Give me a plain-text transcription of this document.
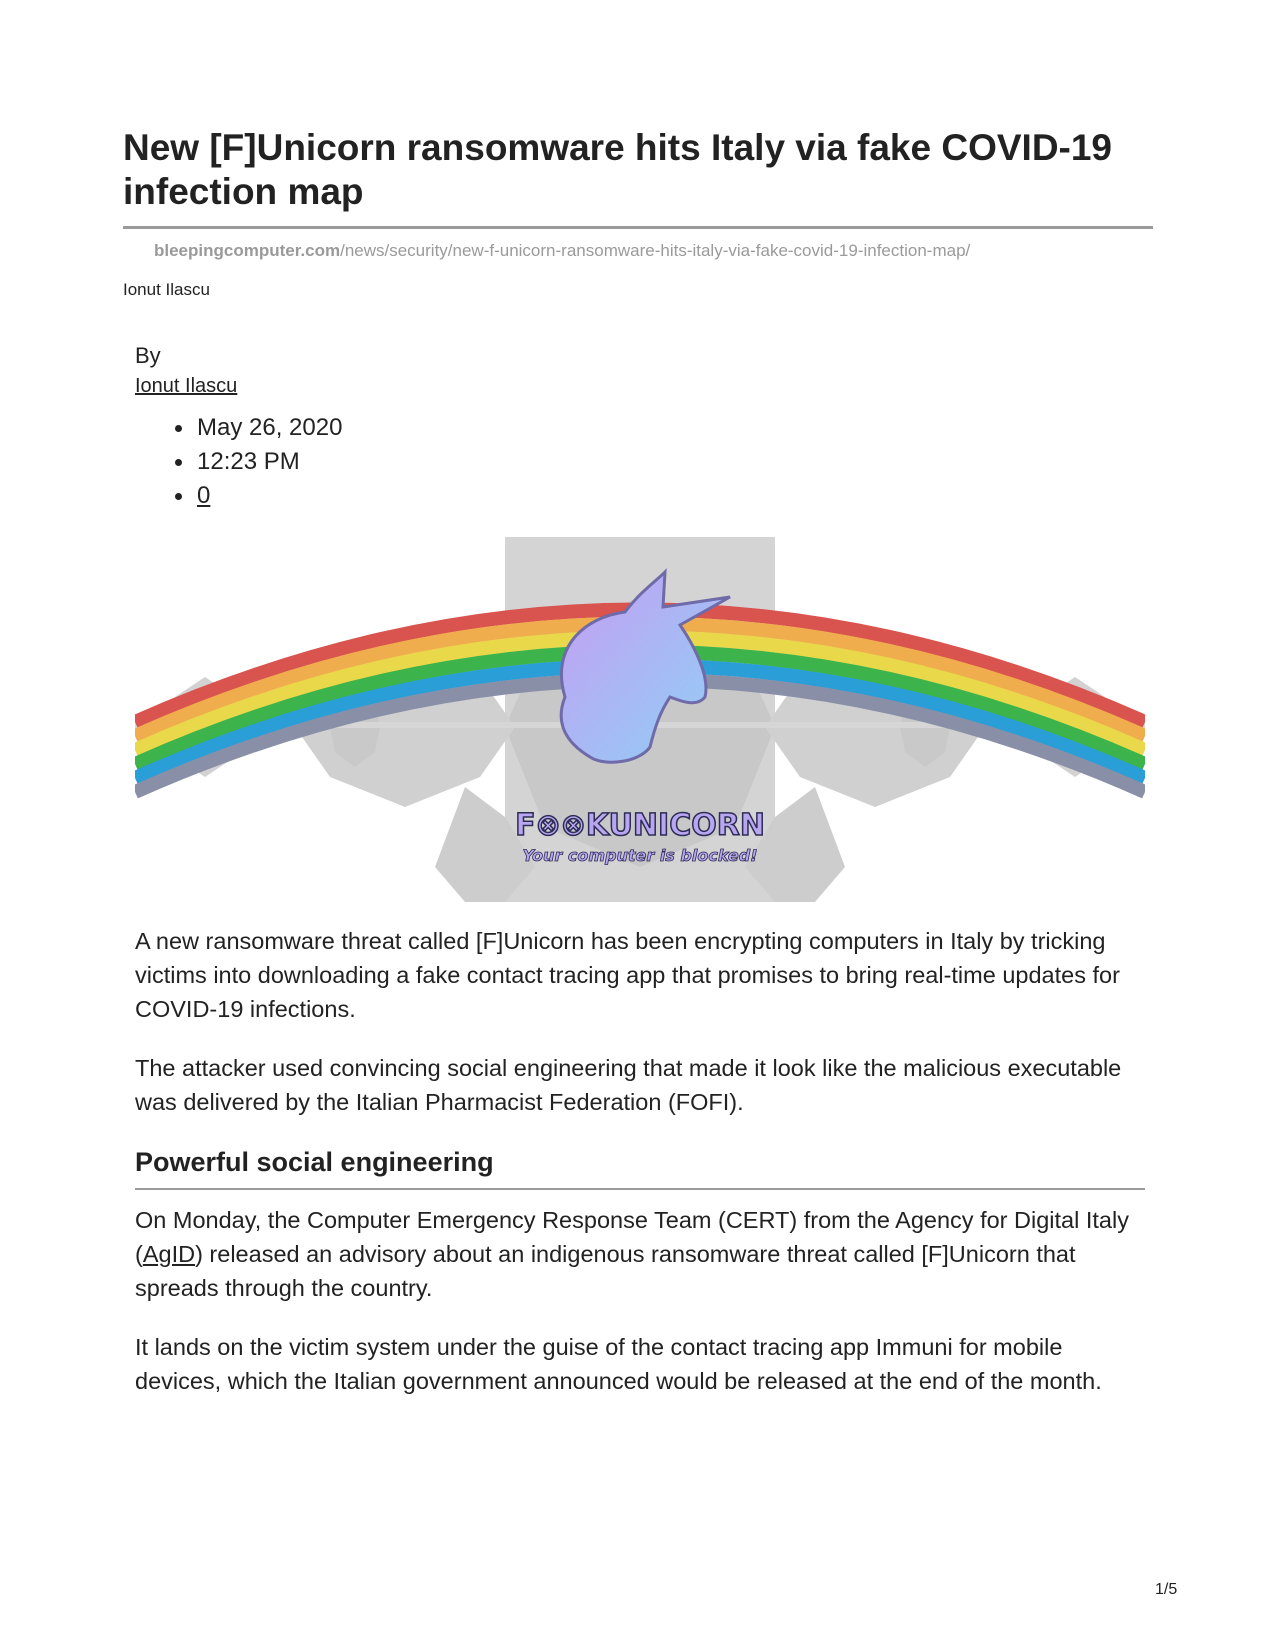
New [F]Unicorn ransomware hits Italy via fake COVID-19 infection map
bleepingcomputer.com/news/security/new-f-unicorn-ransomware-hits-italy-via-fake-covid-19-infection-map/
Ionut Ilascu
By
Ionut Ilascu
May 26, 2020
12:23 PM
0
F⊗⊗KUNICORN
Your computer is blocked!

A new ransomware threat called [F]Unicorn has been encrypting computers in Italy by tricking victims into downloading a fake contact tracing app that promises to bring real-time updates for COVID-19 infections.

The attacker used convincing social engineering that made it look like the malicious executable was delivered by the Italian Pharmacist Federation (FOFI).

Powerful social engineering

On Monday, the Computer Emergency Response Team (CERT) from the Agency for Digital Italy (AgID) released an advisory about an indigenous ransomware threat called [F]Unicorn that spreads through the country.

It lands on the victim system under the guise of the contact tracing app Immuni for mobile devices, which the Italian government announced would be released at the end of the month.

1/5
